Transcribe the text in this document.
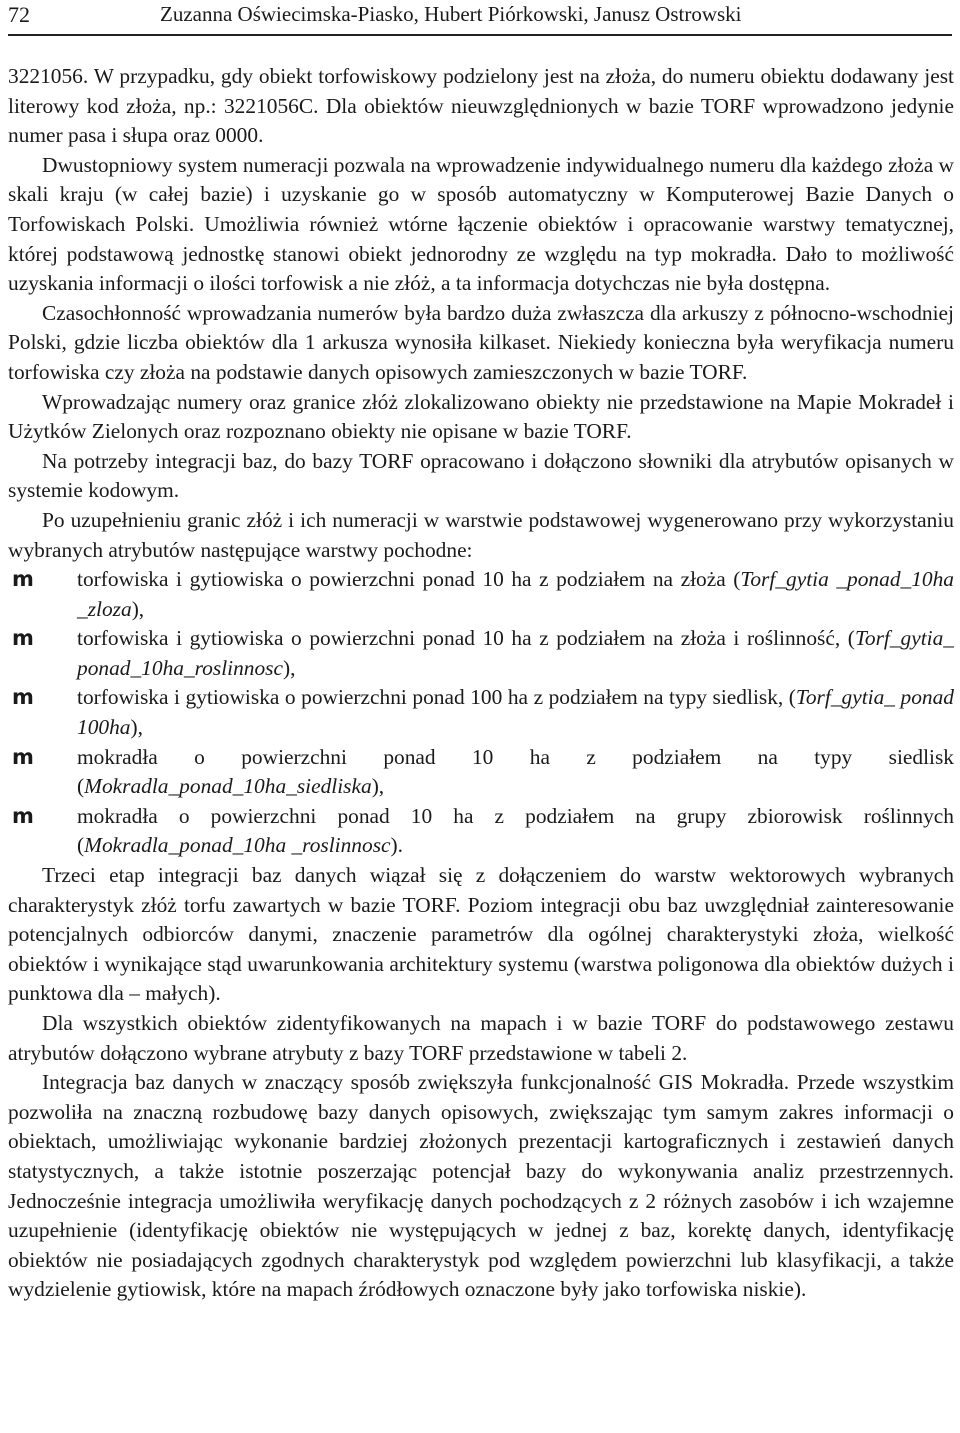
72	Zuzanna Oświecimska-Piasko, Hubert Piórkowski, Janusz Ostrowski

3221056. W przypadku, gdy obiekt torfowiskowy podzielony jest na złoża, do numeru obiektu dodawany jest literowy kod złoża, np.: 3221056C. Dla obiektów nieuwzględnionych w bazie TORF wprowadzono jedynie numer pasa i słupa oraz 0000.

Dwustopniowy system numeracji pozwala na wprowadzenie indywidualnego numeru dla każdego złoża w skali kraju (w całej bazie) i uzyskanie go w sposób automatyczny w Komputerowej Bazie Danych o Torfowiskach Polski. Umożliwia również wtórne łączenie obiektów i opracowanie warstwy tematycznej, której podstawową jednostkę stanowi obiekt jednorodny ze względu na typ mokradła. Dało to możliwość uzyskania informacji o ilości torfowisk a nie złóż, a ta informacja dotychczas nie była dostępna.

Czasochłonność wprowadzania numerów była bardzo duża zwłaszcza dla arkuszy z północno-wschodniej Polski, gdzie liczba obiektów dla 1 arkusza wynosiła kilkaset. Niekiedy konieczna była weryfikacja numeru torfowiska czy złoża na podstawie danych opisowych zamieszczonych w bazie TORF.

Wprowadzając numery oraz granice złóż zlokalizowano obiekty nie przedstawione na Mapie Mokradeł i Użytków Zielonych oraz rozpoznano obiekty nie opisane w bazie TORF.

Na potrzeby integracji baz, do bazy TORF opracowano i dołączono słowniki dla atrybutów opisanych w systemie kodowym.

Po uzupełnieniu granic złóż i ich numeracji w warstwie podstawowej wygenerowano przy wykorzystaniu wybranych atrybutów następujące warstwy pochodne:

m torfowiska i gytiowiska o powierzchni ponad 10 ha z podziałem na złoża (Torf_gytia _ponad_10ha _zloza),
m torfowiska i gytiowiska o powierzchni ponad 10 ha z podziałem na złoża i roślinność, (Torf_gytia_ ponad_10ha_roslinnosc),
m torfowiska i gytiowiska o powierzchni ponad 100 ha z podziałem na typy siedlisk, (Torf_gytia_ ponad 100ha),
m mokradła o powierzchni ponad 10 ha z podziałem na typy siedlisk (Mokradla_ponad_10ha_siedliska),
m mokradła o powierzchni ponad 10 ha z podziałem na grupy zbiorowisk roślinnych (Mokradla_ponad_10ha _roslinnosc).

Trzeci etap integracji baz danych wiązał się z dołączeniem do warstw wektorowych wybranych charakterystyk złóż torfu zawartych w bazie TORF. Poziom integracji obu baz uwzględniał zainteresowanie potencjalnych odbiorców danymi, znaczenie parametrów dla ogólnej charakterystyki złoża, wielkość obiektów i wynikające stąd uwarunkowania architektury systemu (warstwa poligonowa dla obiektów dużych i punktowa dla – małych).

Dla wszystkich obiektów zidentyfikowanych na mapach i w bazie TORF do podstawowego zestawu atrybutów dołączono wybrane atrybuty z bazy TORF przedstawione w tabeli 2.

Integracja baz danych w znaczący sposób zwiększyła funkcjonalność GIS Mokradła. Przede wszystkim pozwoliła na znaczną rozbudowę bazy danych opisowych, zwiększając tym samym zakres informacji o obiektach, umożliwiając wykonanie bardziej złożonych prezentacji kartograficznych i zestawień danych statystycznych, a także istotnie poszerzając potencjał bazy do wykonywania analiz przestrzennych. Jednocześnie integracja umożliwiła weryfikację danych pochodzących z 2 różnych zasobów i ich wzajemne uzupełnienie (identyfikację obiektów nie występujących w jednej z baz, korektę danych, identyfikację obiektów nie posiadających zgodnych charakterystyk pod względem powierzchni lub klasyfikacji, a także wydzielenie gytiowisk, które na mapach źródłowych oznaczone były jako torfowiska niskie).
